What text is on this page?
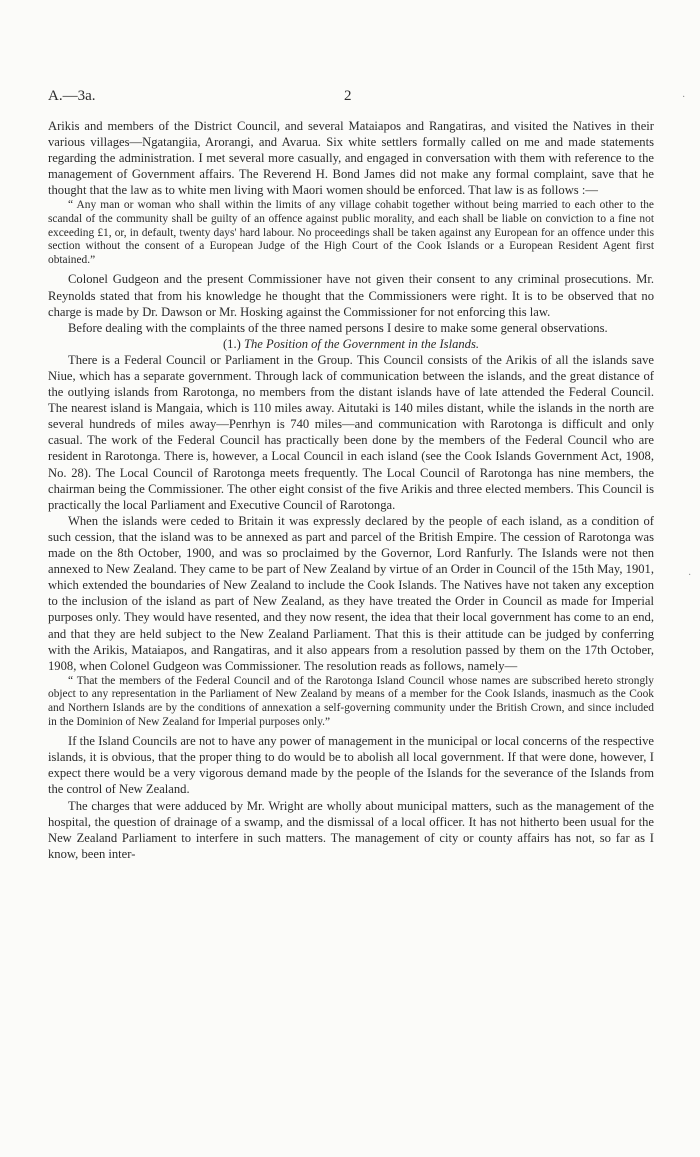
A.—3a.	2	·
·

Arikis and members of the District Council, and several Mataiapos and Rangatiras, and visited the Natives in their various villages—Ngatangiia, Arorangi, and Avarua. Six white settlers formally called on me and made statements regarding the administration. I met several more casually, and engaged in conversation with them with reference to the management of Government affairs. The Reverend H. Bond James did not make any formal complaint, save that he thought that the law as to white men living with Maori women should be enforced. That law is as follows :—

“ Any man or woman who shall within the limits of any village cohabit together without being married to each other to the scandal of the community shall be guilty of an offence against public morality, and each shall be liable on conviction to a fine not exceeding £1, or, in default, twenty days' hard labour. No proceedings shall be taken against any European for an offence under this section without the consent of a European Judge of the High Court of the Cook Islands or a European Resident Agent first obtained.”

Colonel Gudgeon and the present Commissioner have not given their consent to any criminal prosecutions. Mr. Reynolds stated that from his knowledge he thought that the Commissioners were right. It is to be observed that no charge is made by Dr. Dawson or Mr. Hosking against the Commissioner for not enforcing this law.

Before dealing with the complaints of the three named persons I desire to make some general observations.

(1.) The Position of the Government in the Islands.

There is a Federal Council or Parliament in the Group. This Council consists of the Arikis of all the islands save Niue, which has a separate government. Through lack of communication between the islands, and the great distance of the outlying islands from Rarotonga, no members from the distant islands have of late attended the Federal Council. The nearest island is Mangaia, which is 110 miles away. Aitutaki is 140 miles distant, while the islands in the north are several hundreds of miles away—Penrhyn is 740 miles—and communication with Rarotonga is difficult and only casual. The work of the Federal Council has practically been done by the members of the Federal Council who are resident in Rarotonga. There is, however, a Local Council in each island (see the Cook Islands Government Act, 1908, No. 28). The Local Council of Rarotonga meets frequently. The Local Council of Rarotonga has nine members, the chairman being the Commissioner. The other eight consist of the five Arikis and three elected members. This Council is practically the local Parliament and Executive Council of Rarotonga.

When the islands were ceded to Britain it was expressly declared by the people of each island, as a condition of such cession, that the island was to be annexed as part and parcel of the British Empire. The cession of Rarotonga was made on the 8th October, 1900, and was so proclaimed by the Governor, Lord Ranfurly. The Islands were not then annexed to New Zealand. They came to be part of New Zealand by virtue of an Order in Council of the 15th May, 1901, which extended the boundaries of New Zealand to include the Cook Islands. The Natives have not taken any exception to the inclusion of the island as part of New Zealand, as they have treated the Order in Council as made for Imperial purposes only. They would have resented, and they now resent, the idea that their local government has come to an end, and that they are held subject to the New Zealand Parliament. That this is their attitude can be judged by conferring with the Arikis, Mataiapos, and Rangatiras, and it also appears from a resolution passed by them on the 17th October, 1908, when Colonel Gudgeon was Commissioner. The resolution reads as follows, namely—

“ That the members of the Federal Council and of the Rarotonga Island Council whose names are subscribed hereto strongly object to any representation in the Parliament of New Zealand by means of a member for the Cook Islands, inasmuch as the Cook and Northern Islands are by the conditions of annexation a self-governing community under the British Crown, and since included in the Dominion of New Zealand for Imperial purposes only.”

If the Island Councils are not to have any power of management in the municipal or local concerns of the respective islands, it is obvious, that the proper thing to do would be to abolish all local government. If that were done, however, I expect there would be a very vigorous demand made by the people of the Islands for the severance of the Islands from the control of New Zealand.

The charges that were adduced by Mr. Wright are wholly about municipal matters, such as the management of the hospital, the question of drainage of a swamp, and the dismissal of a local officer. It has not hitherto been usual for the New Zealand Parliament to interfere in such matters. The management of city or county affairs has not, so far as I know, been inter-
